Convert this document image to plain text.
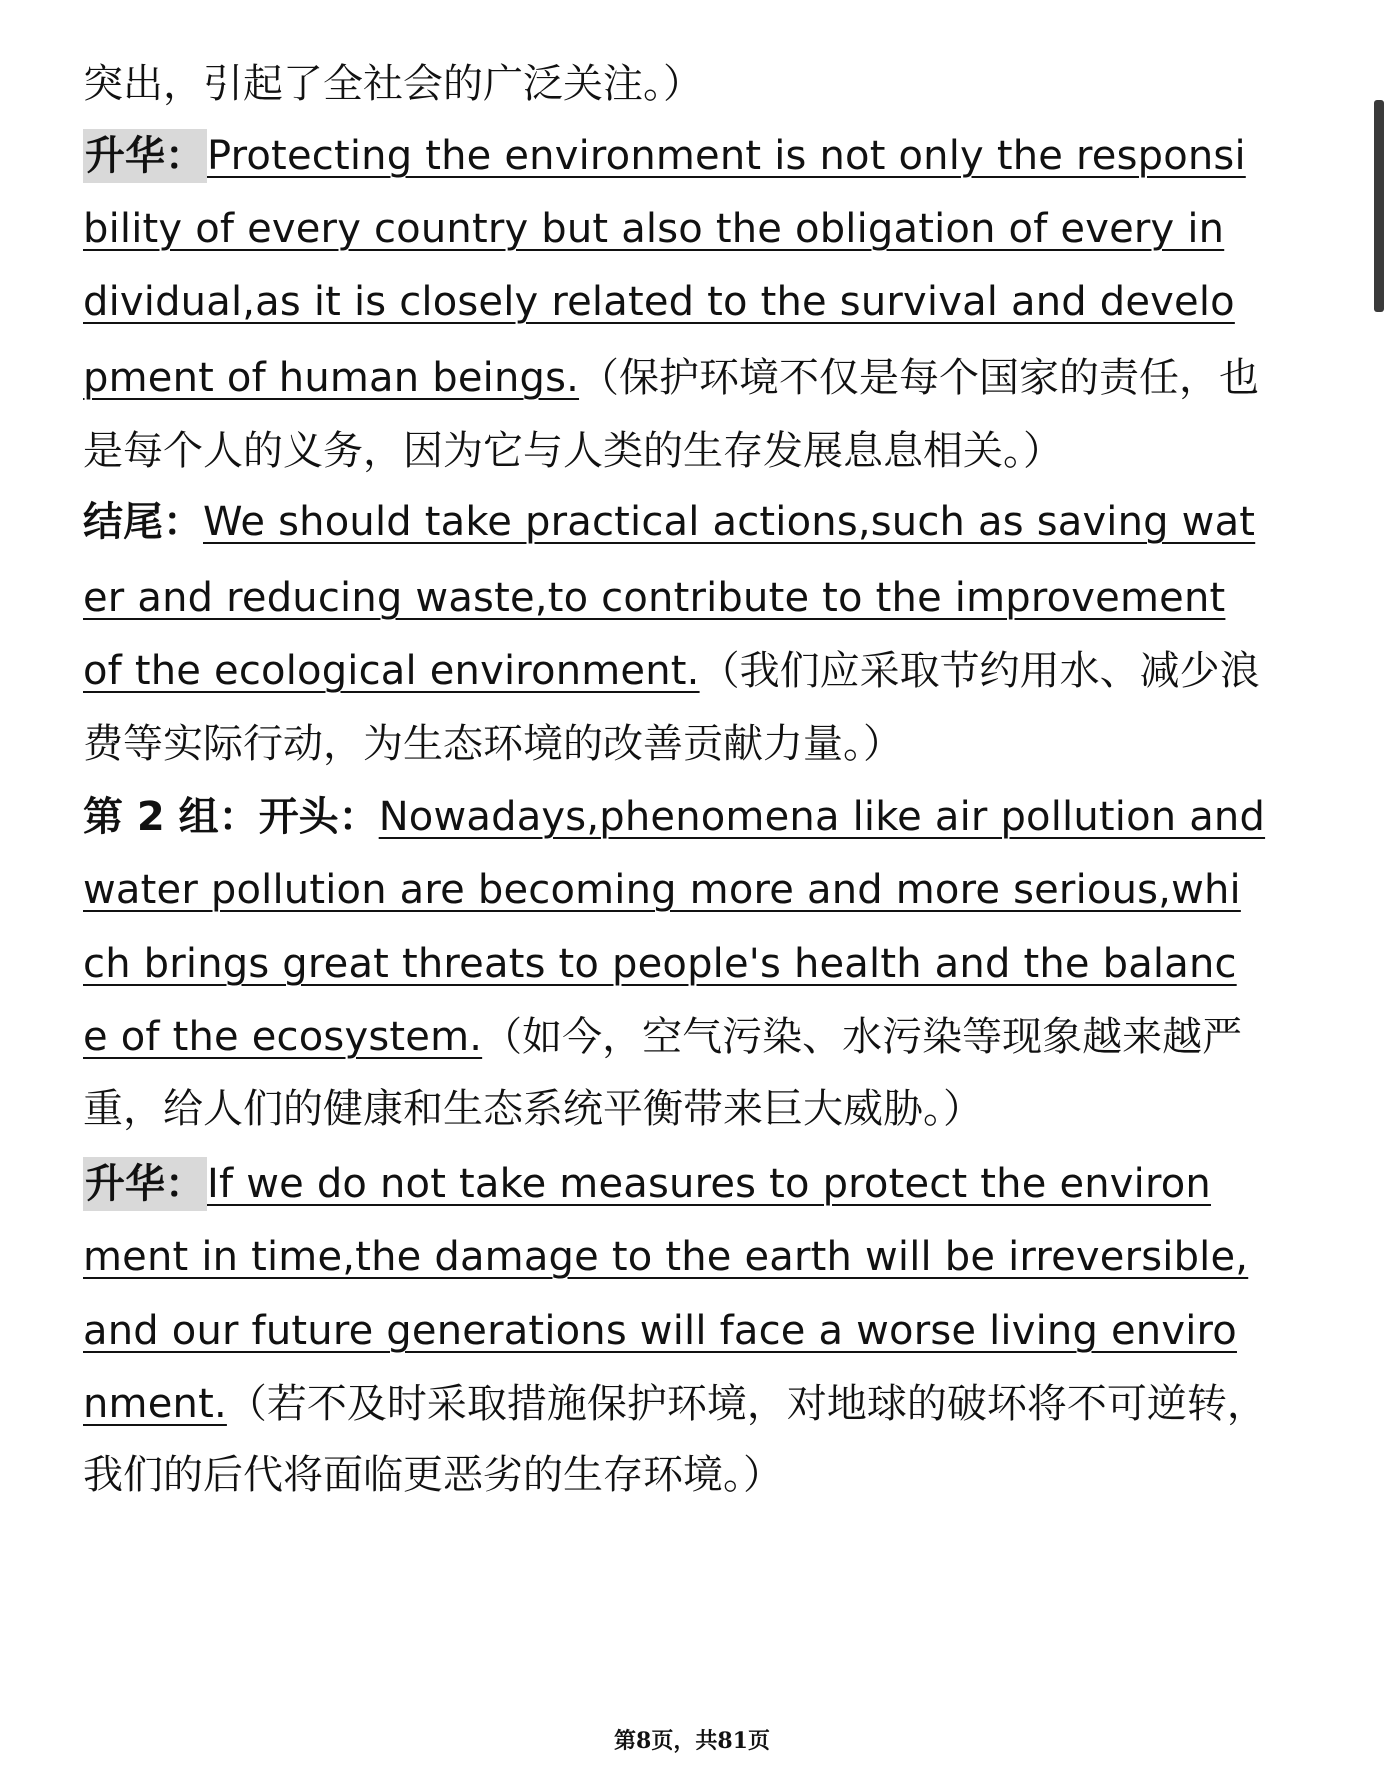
突出，引起了全社会的广泛关注。）
升华：Protecting the environment is not only the responsi
bility of every country but also the obligation of every in
dividual,as it is closely related to the survival and develo
pment of human beings.（保护环境不仅是每个国家的责任，也
是每个人的义务，因为它与人类的生存发展息息相关。）
结尾：We should take practical actions,such as saving wat
er and reducing waste,to contribute to the improvement
of the ecological environment.（我们应采取节约用水、减少浪
费等实际行动，为生态环境的改善贡献力量。）
第 2 组：开头：Nowadays,phenomena like air pollution and
water pollution are becoming more and more serious,whi
ch brings great threats to people's health and the balanc
e of the ecosystem.（如今，空气污染、水污染等现象越来越严
重，给人们的健康和生态系统平衡带来巨大威胁。）
升华：If we do not take measures to protect the environ
ment in time,the damage to the earth will be irreversible,
and our future generations will face a worse living enviro
nment.（若不及时采取措施保护环境，对地球的破坏将不可逆转，
我们的后代将面临更恶劣的生存环境。）
第8页，共81页
